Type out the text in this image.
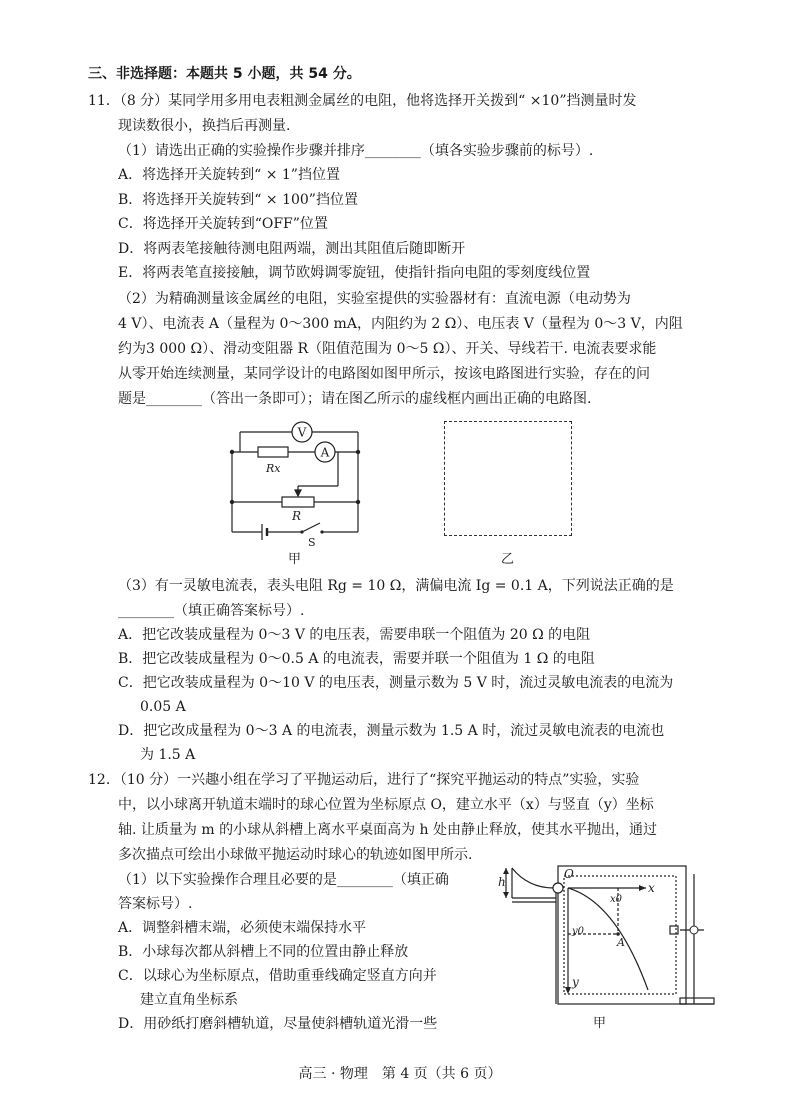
三、非选择题：本题共 5 小题，共 54 分。
11．（8 分）某同学用多用电表粗测金属丝的电阻，他将选择开关拨到“ ×10”挡测量时发
现读数很小，换挡后再测量.
（1）请选出正确的实验操作步骤并排序________（填各实验步骤前的标号）.
A．将选择开关旋转到“ × 1”挡位置
B．将选择开关旋转到“ × 100”挡位置
C．将选择开关旋转到“OFF”位置
D．将两表笔接触待测电阻两端，测出其阻值后随即断开
E．将两表笔直接接触，调节欧姆调零旋钮，使指针指向电阻的零刻度线位置
（2）为精确测量该金属丝的电阻，实验室提供的实验器材有：直流电源（电动势为
4 V）、电流表 A（量程为 0～300 mA，内阻约为 2 Ω）、电压表 V（量程为 0～3 V，内阻
约为3 000 Ω）、滑动变阻器 R（阻值范围为 0～5 Ω）、开关、导线若干. 电流表要求能
从零开始连续测量，某同学设计的电路图如图甲所示，按该电路图进行实验，存在的问
题是________（答出一条即可）；请在图乙所示的虚线框内画出正确的电路图.
V
A
Rx
R
S
甲	乙
（3）有一灵敏电流表，表头电阻 Rg = 10 Ω，满偏电流 Ig = 0.1 A，下列说法正确的是
________（填正确答案标号）.
A．把它改装成量程为 0～3 V 的电压表，需要串联一个阻值为 20 Ω 的电阻
B．把它改装成量程为 0～0.5 A 的电流表，需要并联一个阻值为 1 Ω 的电阻
C．把它改装成量程为 0～10 V 的电压表，测量示数为 5 V 时，流过灵敏电流表的电流为
0.05 A
D．把它改成量程为 0～3 A 的电流表，测量示数为 1.5 A 时，流过灵敏电流表的电流也
为 1.5 A
12．（10 分）一兴趣小组在学习了平抛运动后，进行了“探究平抛运动的特点”实验，实验
中，以小球离开轨道末端时的球心位置为坐标原点 O，建立水平（x）与竖直（y）坐标
轴. 让质量为 m 的小球从斜槽上离水平桌面高为 h 处由静止释放，使其水平抛出，通过
多次描点可绘出小球做平抛运动时球心的轨迹如图甲所示.
（1）以下实验操作合理且必要的是________（填正确
答案标号）.
A．调整斜槽末端，必须使末端保持水平
B．小球每次都从斜槽上不同的位置由静止释放
C．以球心为坐标原点，借助重垂线确定竖直方向并
建立直角坐标系
D．用砂纸打磨斜槽轨道，尽量使斜槽轨道光滑一些
h
O
x
x0
y0
A
y
甲
高三 · 物理　第 4 页（共 6 页）
